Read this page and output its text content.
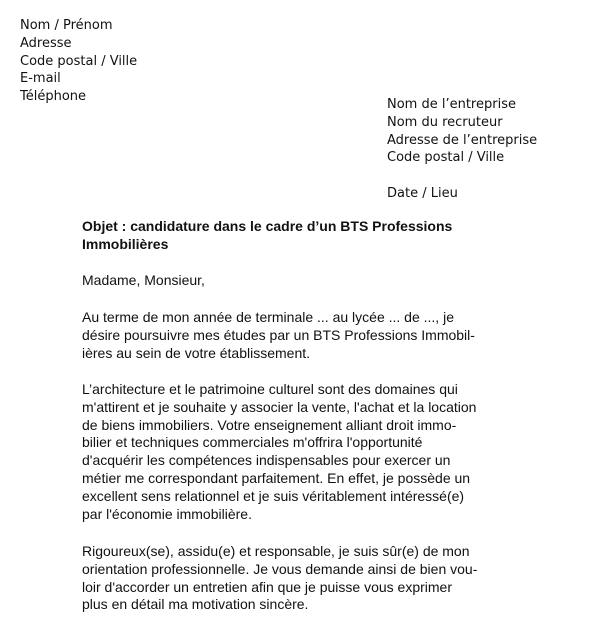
Nom / Prénom
Adresse
Code postal / Ville
E-mail
Téléphone
Nom de l’entreprise
Nom du recruteur
Adresse de l’entreprise
Code postal / Ville
Date / Lieu
Objet : candidature dans le cadre d’un BTS Professions
Immobilières
Madame, Monsieur,
Au terme de mon année de terminale ... au lycée ... de ..., je
désire poursuivre mes études par un BTS Professions Immobil-
ières au sein de votre établissement.
L’architecture et le patrimoine culturel sont des domaines qui
m'attirent et je souhaite y associer la vente, l'achat et la location
de biens immobiliers. Votre enseignement alliant droit immo-
bilier et techniques commerciales m'offrira l'opportunité
d'acquérir les compétences indispensables pour exercer un
métier me correspondant parfaitement. En effet, je possède un
excellent sens relationnel et je suis véritablement intéressé(e)
par l'économie immobilière.
Rigoureux(se), assidu(e) et responsable, je suis sûr(e) de mon
orientation professionnelle. Je vous demande ainsi de bien vou-
loir d'accorder un entretien afin que je puisse vous exprimer
plus en détail ma motivation sincère.
